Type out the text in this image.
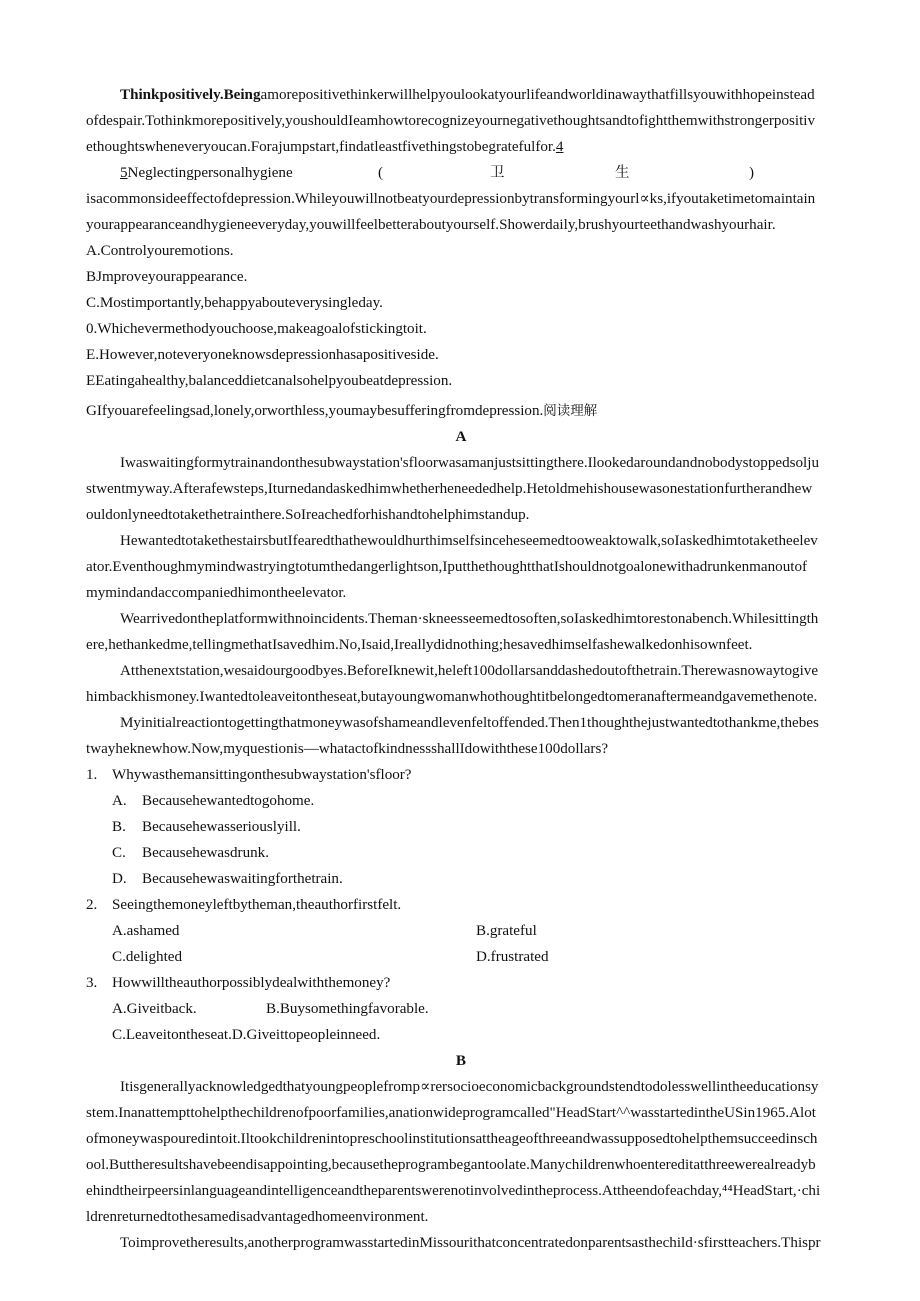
Thinkpositively.Beingamorepositivethinkerwillhelpyoulookatyourlifeandworldinawaythatfillsyouwithhopeinstead
ofdespair.Tothinkmorepositively,youshouldIeamhowtorecognizeyournegativethoughtsandtofightthemwithstrongerpositiv
ethoughtswheneveryoucan.Forajumpstart,findatleastfivethingstobegratefulfor.4
5Neglectingpersonalhygiene	(	卫	生	)
isacommonsideeffectofdepression.Whileyouwillnotbeatyourdepressionbytransformingyourl∝ks,ifyoutaketimetomaintain
yourappearanceandhygieneeveryday,youwillfeelbetteraboutyourself.Showerdaily,brushyourteethandwashyourhair.
A.Controlyouremotions.
BJmproveyourappearance.
C.Mostimportantly,behappyabouteverysingleday.
0.Whichevermethodyouchoose,makeagoalofstickingtoit.
E.However,noteveryoneknowsdepressionhasapositiveside.
EEatingahealthy,balanceddietcanalsohelpyoubeatdepression.
GIfyouarefeelingsad,lonely,orworthless,youmaybesufferingfromdepression.阅读理解
A
Iwaswaitingformytrainandonthesubwaystation'sfloorwasamanjustsittingthere.Ilookedaroundandnobodystoppedsolju
stwentmyway.Afterafewsteps,Iturnedandaskedhimwhetherheneededhelp.Hetoldmehishousewasonestationfurtherandhew
ouldonlyneedtotakethetrainthere.SoIreachedforhishandtohelphimstandup.
HewantedtotakethestairsbutIfearedthathewouldhurthimselfsinceheseemedtooweaktowalk,soIaskedhimtotaketheelev
ator.Eventhoughmymindwastryingtotumthedangerlightson,IputthethoughtthatIshouldnotgoalonewithadrunkenmanoutof
mymindandaccompaniedhimontheelevator.
Wearrivedontheplatformwithnoincidents.Theman·skneesseemedtosoften,soIaskedhimtorestonabench.Whilesittingth
ere,hethankedme,tellingmethatIsavedhim.No,Isaid,Ireallydidnothing;hesavedhimselfashewalkedonhisownfeet.
Atthenextstation,wesaidourgoodbyes.BeforeIknewit,heleft100dollarsanddashedoutofthetrain.Therewasnowaytogive
himbackhismoney.Iwantedtoleaveitontheseat,butayoungwomanwhothoughtitbelongedtomeranaftermeandgavemethenote.
Myinitialreactiontogettingthatmoneywasofshameandlevenfeltoffended.Then1thoughthejustwantedtothankme,thebes
twayheknewhow.Now,myquestionis—whatactofkindnessshallIdowiththese100dollars?
1. Whywasthemansittingonthesubwaystation'sfloor?
A.	Becausehewantedtogohome.
B.	Becausehewasseriouslyill.
C.	Becausehewasdrunk.
D.	Becausehewaswaitingforthetrain.
2. Seeingthemoneyleftbytheman,theauthorfirstfelt.
A.ashamed	B.grateful
C.delighted	D.frustrated
3. Howwilltheauthorpossiblydealwiththemoney?
A.Giveitback.	B.Buysomethingfavorable.
C.Leaveitontheseat.D.Giveittopeopleinneed.
B
Itisgenerallyacknowledgedthatyoungpeoplefromp∝rersocioeconomicbackgroundstendtodolesswellintheeducationsy
stem.Inanattempttohelpthechildrenofpoorfamilies,anationwideprogramcalled"HeadStart^^wasstartedintheUSin1965.Alot
ofmoneywaspouredintoit.Iltookchildrenintopreschoolinstitutionsattheageofthreeandwassupposedtohelpthemsucceedinsch
ool.Buttheresultshavebeendisappointing,becausetheprogrambegantoolate.Manychildrenwhoentereditatthreewerealreadyb
ehindtheirpeersinlanguageandintelligenceandtheparentswerenotinvolvedintheprocess.Attheendofeachday,⁴⁴HeadStart,·chi
ldrenreturnedtothesamedisadvantagedhomeenvironment.
Toimprovetheresults,anotherprogramwasstartedinMissourithatconcentratedonparentsasthechild·sfirstteachers.Thispr
